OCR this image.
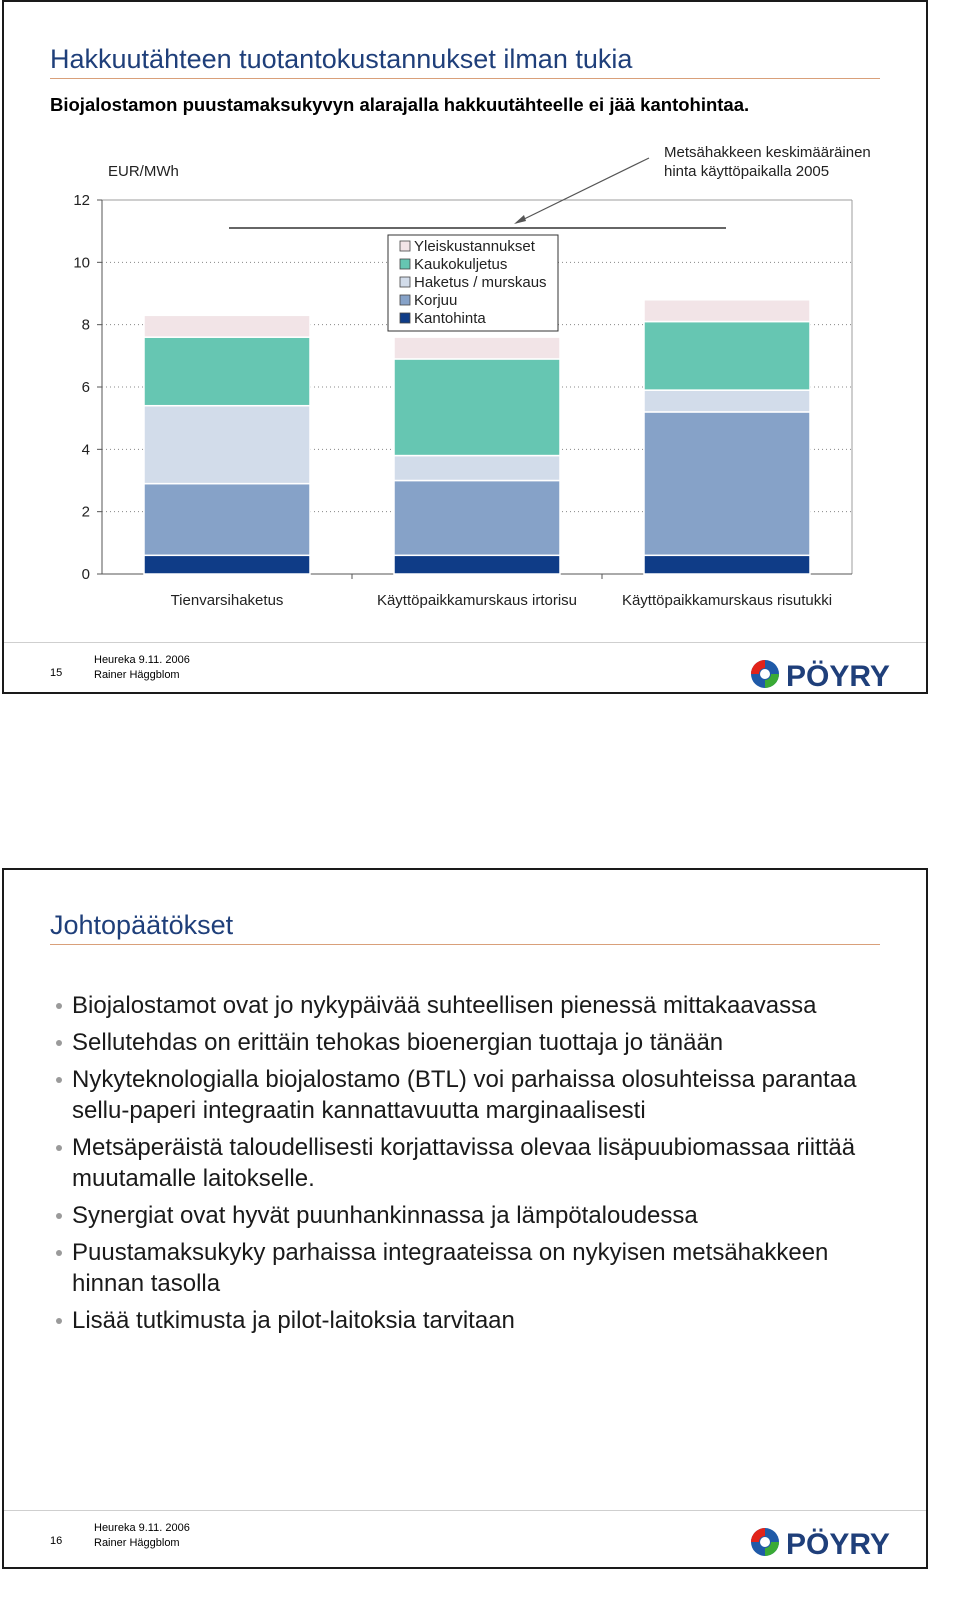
Hakkuutähteen tuotantokustannukset ilman tukia
Biojalostamon puustamaksukyvyn alarajalla hakkuutähteelle ei jää kantohintaa.
0
2
4
6
8
10
12
Tienvarsihaketus	Käyttöpaikkamurskaus irtorisu	Käyttöpaikkamurskaus risutukki
EUR/MWh
Metsähakkeen keskimääräinen hinta käyttöpaikalla 2005
Yleiskustannukset
Kaukokuljetus
Haketus / murskaus
Korjuu
Kantohinta
15
Heureka 9.11. 2006
Rainer Häggblom	PÖYRY
Johtopäätökset
Biojalostamot ovat jo nykypäivää suhteellisen pienessä mittakaavassa
Sellutehdas on erittäin tehokas bioenergian tuottaja jo tänään
Nykyteknologialla biojalostamo (BTL) voi parhaissa olosuhteissa parantaa sellu-paperi integraatin kannattavuutta marginaalisesti
Metsäperäistä taloudellisesti korjattavissa olevaa lisäpuubiomassaa riittää muutamalle laitokselle.
Synergiat ovat hyvät puunhankinnassa ja lämpötaloudessa
Puustamaksukyky parhaissa integraateissa on nykyisen metsähakkeen hinnan tasolla
Lisää tutkimusta ja pilot-laitoksia tarvitaan
16
Heureka 9.11. 2006
Rainer Häggblom	PÖYRY
